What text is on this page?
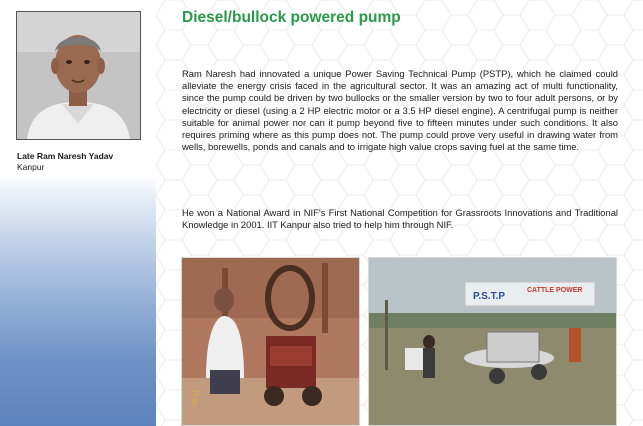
Late Ram Naresh Yadav
Kanpur
Diesel/bullock powered pump

Ram Naresh had innovated a unique Power Saving Technical Pump (PSTP), which he claimed could alleviate the energy crisis faced in the agricultural sector. It was an amazing act of multi functionality, since the pump could be driven by two bullocks or the smaller version by two to four adult persons, or by electricity or diesel (using a 2 HP electric motor or a 3.5 HP diesel engine). A centrifugal pump is neither suitable for animal power nor can it pump beyond five to fifteen minutes under such conditions. It also requires priming where as this pump does not. The pump could prove very useful in drawing water from wells, borewells, ponds and canals and to irrigate high value crops saving fuel at the same time.

He won a National Award in NIF's First National Competition for Grassroots Innovations and Traditional Knowledge in 2001. IIT Kanpur also tried to help him through NIF.

'08 11
P.S.T.P
CATTLE POWER
